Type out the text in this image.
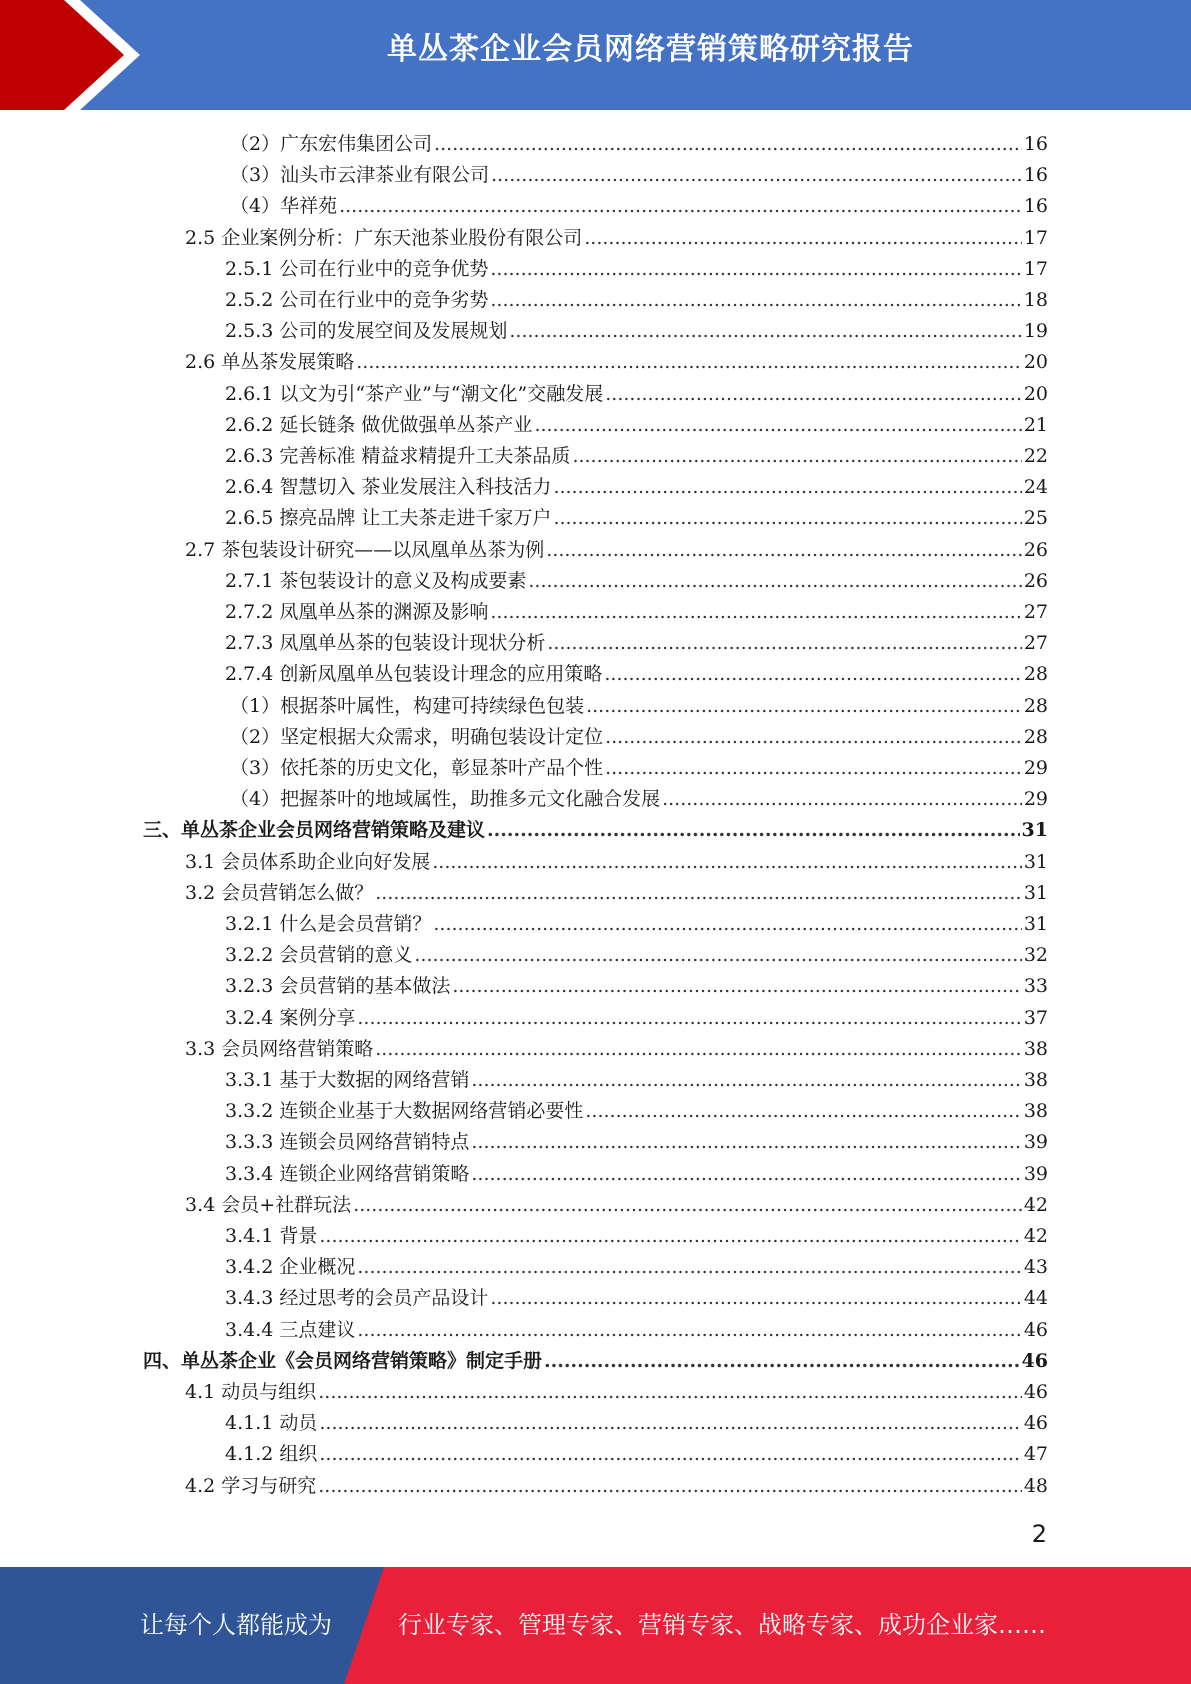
单丛茶企业会员网络营销策略研究报告
（2）广东宏伟集团公司 .....	16
（3）汕头市云津茶业有限公司 .....	16
（4）华祥苑 .....	16
2.5 企业案例分析：广东天池茶业股份有限公司 .....	17
2.5.1 公司在行业中的竞争优势 .....	17
2.5.2 公司在行业中的竞争劣势 .....	18
2.5.3 公司的发展空间及发展规划 .....	19
2.6 单丛茶发展策略 .....	20
2.6.1 以文为引“茶产业”与“潮文化”交融发展 .....	20
2.6.2 延长链条 做优做强单丛茶产业 .....	21
2.6.3 完善标准 精益求精提升工夫茶品质 .....	22
2.6.4 智慧切入 茶业发展注入科技活力 .....	24
2.6.5 擦亮品牌 让工夫茶走进千家万户 .....	25
2.7 茶包装设计研究——以凤凰单丛茶为例 .....	26
2.7.1 茶包装设计的意义及构成要素 .....	26
2.7.2 凤凰单丛茶的渊源及影响 .....	27
2.7.3 凤凰单丛茶的包装设计现状分析 .....	27
2.7.4 创新凤凰单丛包装设计理念的应用策略 .....	28
（1）根据茶叶属性，构建可持续绿色包装 .....	28
（2）坚定根据大众需求，明确包装设计定位 .....	28
（3）依托茶的历史文化，彰显茶叶产品个性 .....	29
（4）把握茶叶的地域属性，助推多元文化融合发展 .....	29
三、单丛茶企业会员网络营销策略及建议 .....	31
3.1 会员体系助企业向好发展 .....	31
3.2 会员营销怎么做？ .....	31
3.2.1 什么是会员营销？ .....	31
3.2.2 会员营销的意义 .....	32
3.2.3 会员营销的基本做法 .....	33
3.2.4 案例分享 .....	37
3.3 会员网络营销策略 .....	38
3.3.1 基于大数据的网络营销 .....	38
3.3.2 连锁企业基于大数据网络营销必要性 .....	38
3.3.3 连锁会员网络营销特点 .....	39
3.3.4 连锁企业网络营销策略 .....	39
3.4 会员+社群玩法 .....	42
3.4.1 背景 .....	42
3.4.2 企业概况 .....	43
3.4.3 经过思考的会员产品设计 .....	44
3.4.4 三点建议 .....	46
四、单丛茶企业《会员网络营销策略》制定手册 .....	46
4.1 动员与组织 .....	46
4.1.1 动员 .....	46
4.1.2 组织 .....	47
4.2 学习与研究 .....	48
2
让每个人都能成为	行业专家、管理专家、营销专家、战略专家、成功企业家……
